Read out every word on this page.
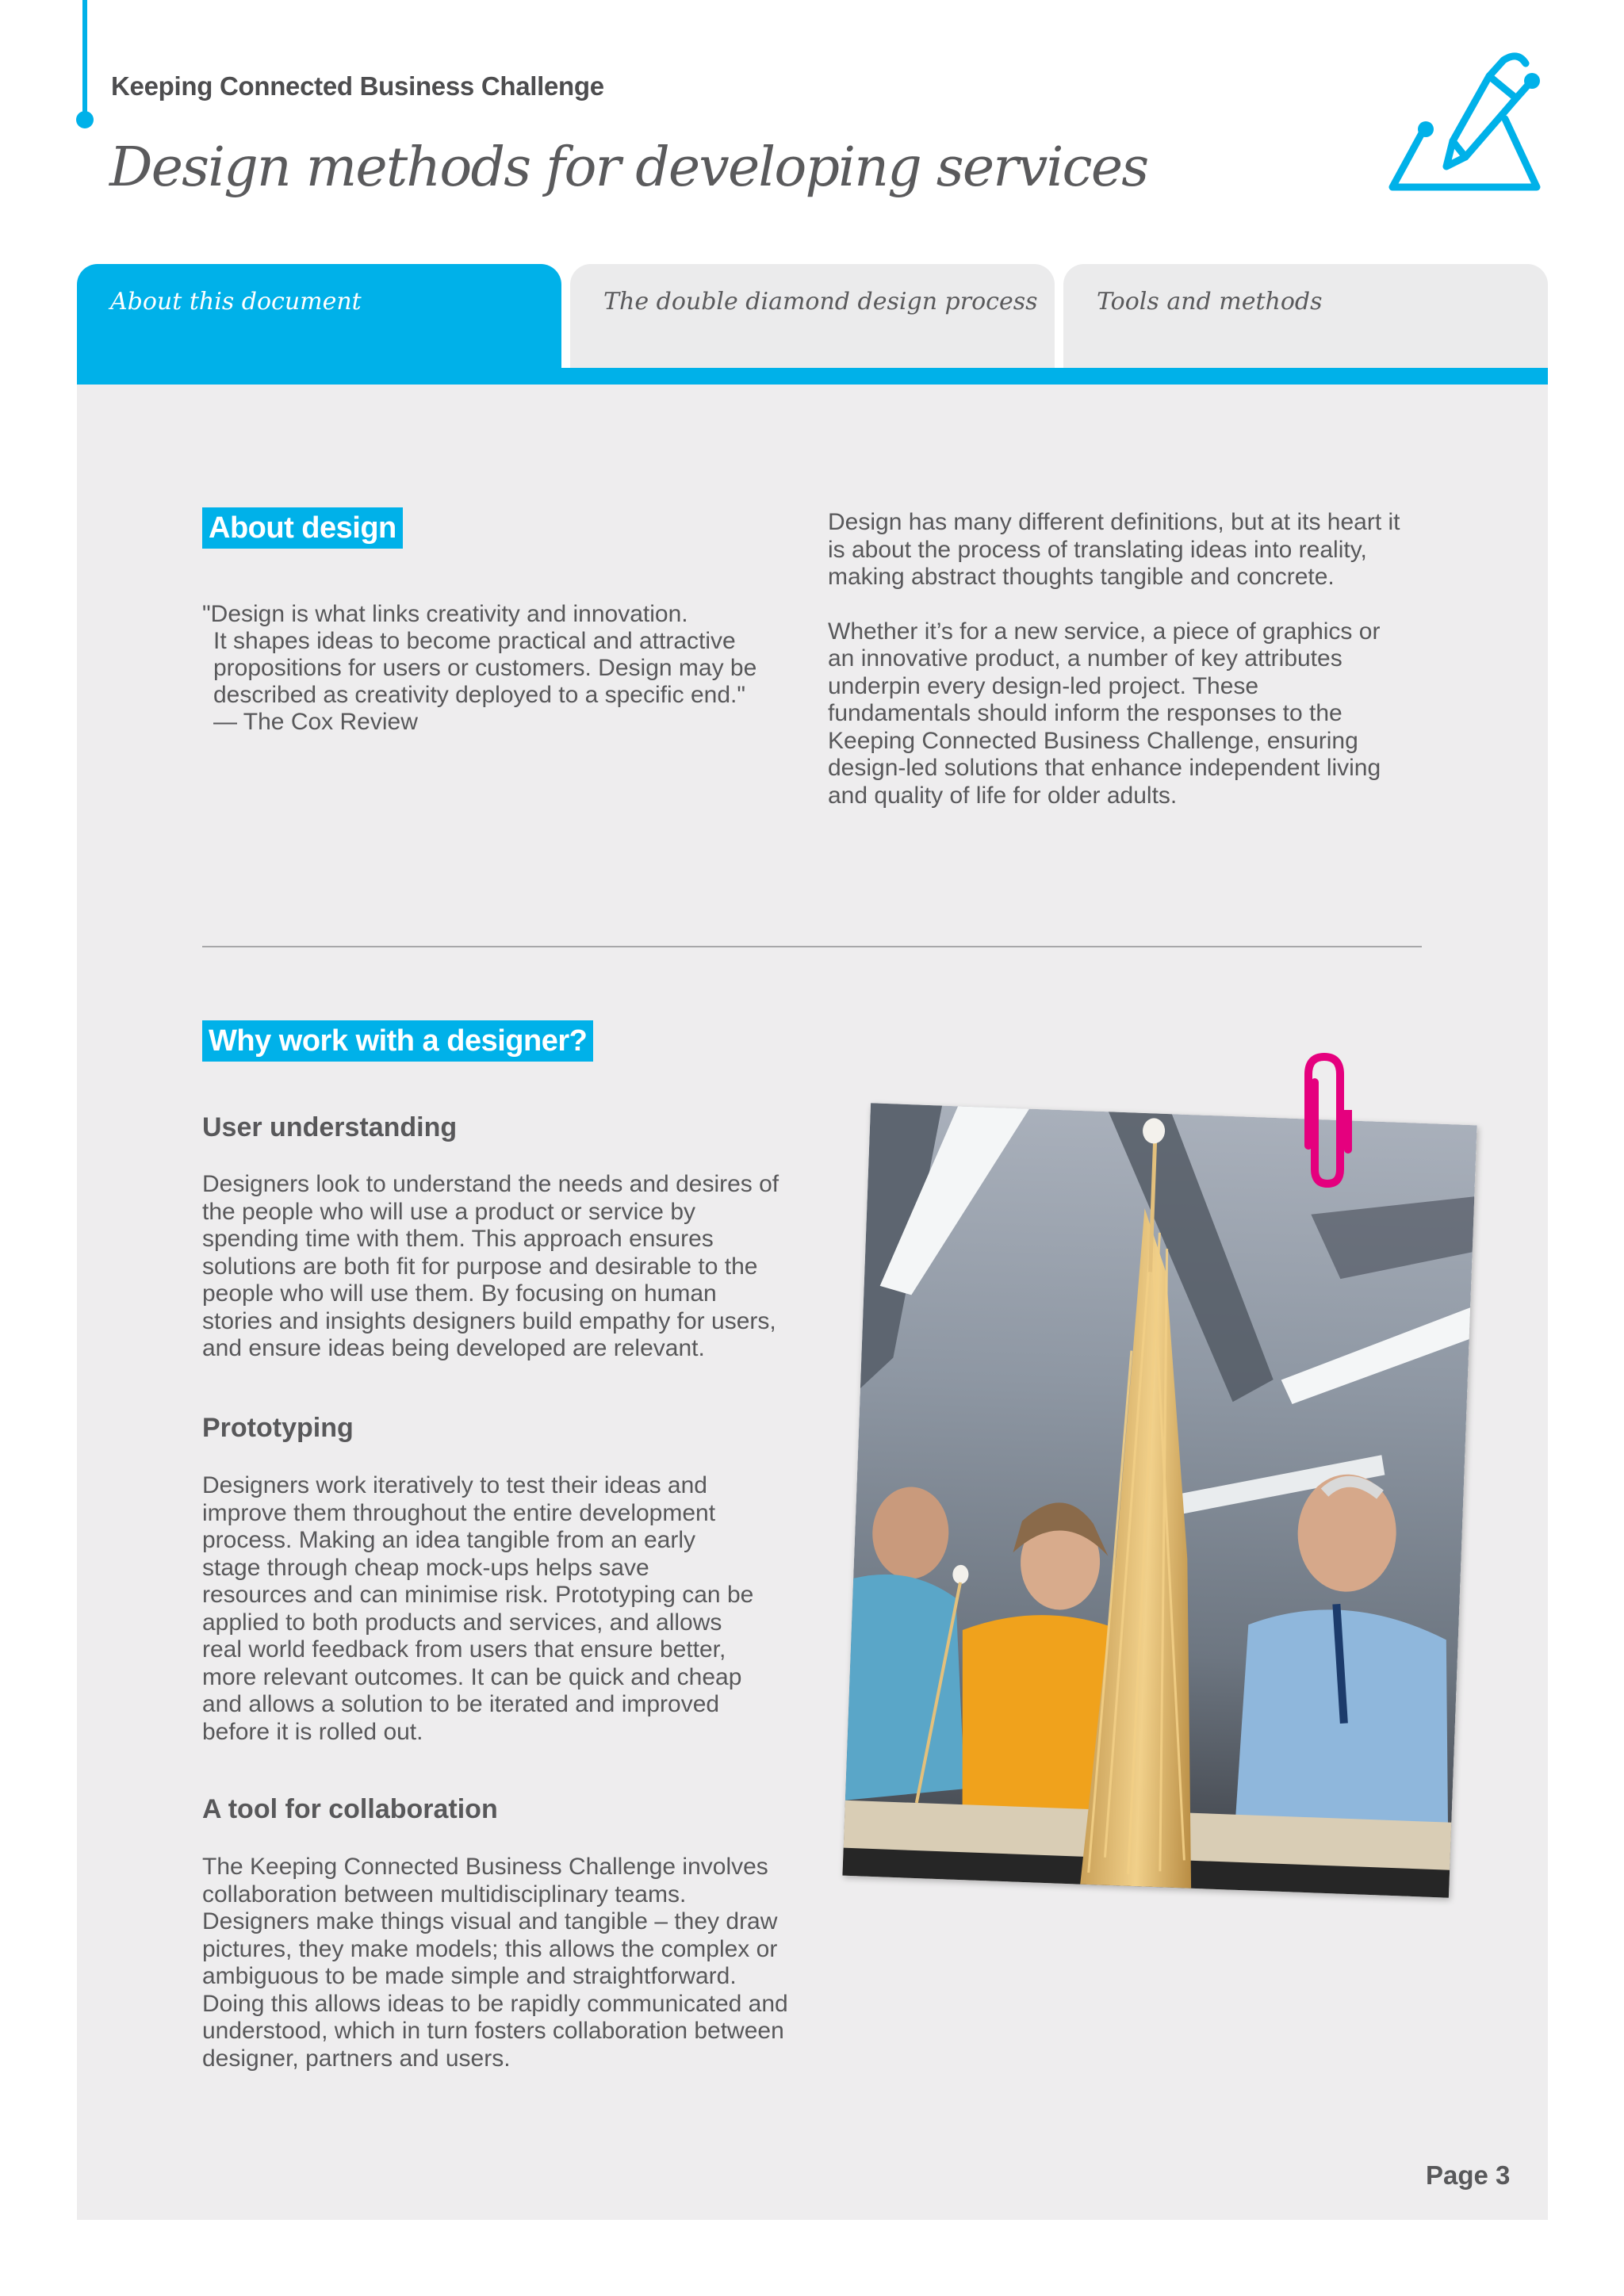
Keeping Connected Business Challenge
Design methods for developing services
About this document	The double diamond design process	Tools and methods
About design
"Design is what links creativity and innovation.
It shapes ideas to become practical and attractive
propositions for users or customers. Design may be
described as creativity deployed to a specific end."
— The Cox Review

Design has many different definitions, but at its heart it is about the process of translating ideas into reality, making abstract thoughts tangible and concrete.

Whether it’s for a new service, a piece of graphics or an innovative product, a number of key attributes underpin every design-led project. These fundamentals should inform the responses to the Keeping Connected Business Challenge, ensuring design-led solutions that enhance independent living and quality of life for older adults.

Why work with a designer?
User understanding
Designers look to understand the needs and desires of the people who will use a product or service by spending time with them. This approach ensures solutions are both fit for purpose and desirable to the people who will use them. By focusing on human stories and insights designers build empathy for users, and ensure ideas being developed are relevant.
Prototyping
Designers work iteratively to test their ideas and improve them throughout the entire development process. Making an idea tangible from an early stage through cheap mock-ups helps save resources and can minimise risk. Prototyping can be applied to both products and services, and allows real world feedback from users that ensure better, more relevant outcomes. It can be quick and cheap and allows a solution to be iterated and improved before it is rolled out.
A tool for collaboration
The Keeping Connected Business Challenge involves collaboration between multidisciplinary teams. Designers make things visual and tangible – they draw pictures, they make models; this allows the complex or ambiguous to be made simple and straightforward. Doing this allows ideas to be rapidly communicated and understood, which in turn fosters collaboration between designer, partners and users.
Page 3
